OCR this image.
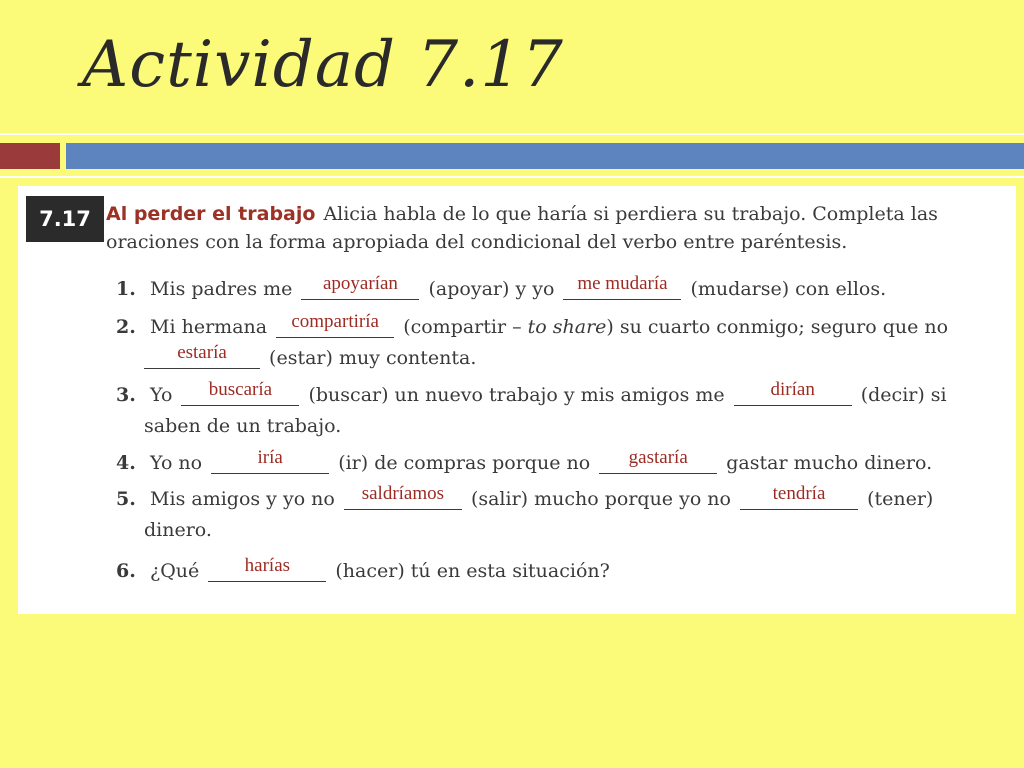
Actividad 7.17
7.17 Al perder el trabajo Alicia habla de lo que haría si perdiera su trabajo. Completa las oraciones con la forma apropiada del condicional del verbo entre paréntesis.
1. Mis padres me apoyarían (apoyar) y yo me mudaría (mudarse) con ellos.
2. Mi hermana compartiría (compartir – to share) su cuarto conmigo; seguro que no
estaría (estar) muy contenta.
3. Yo buscaría (buscar) un nuevo trabajo y mis amigos me dirían (decir) si
saben de un trabajo.
4. Yo no	iría	(ir) de compras porque no gastaría gastar mucho dinero.
5. Mis amigos y yo no saldríamos (salir) mucho porque yo no tendría (tener)
dinero.
6. ¿Qué harías (hacer) tú en esta situación?
